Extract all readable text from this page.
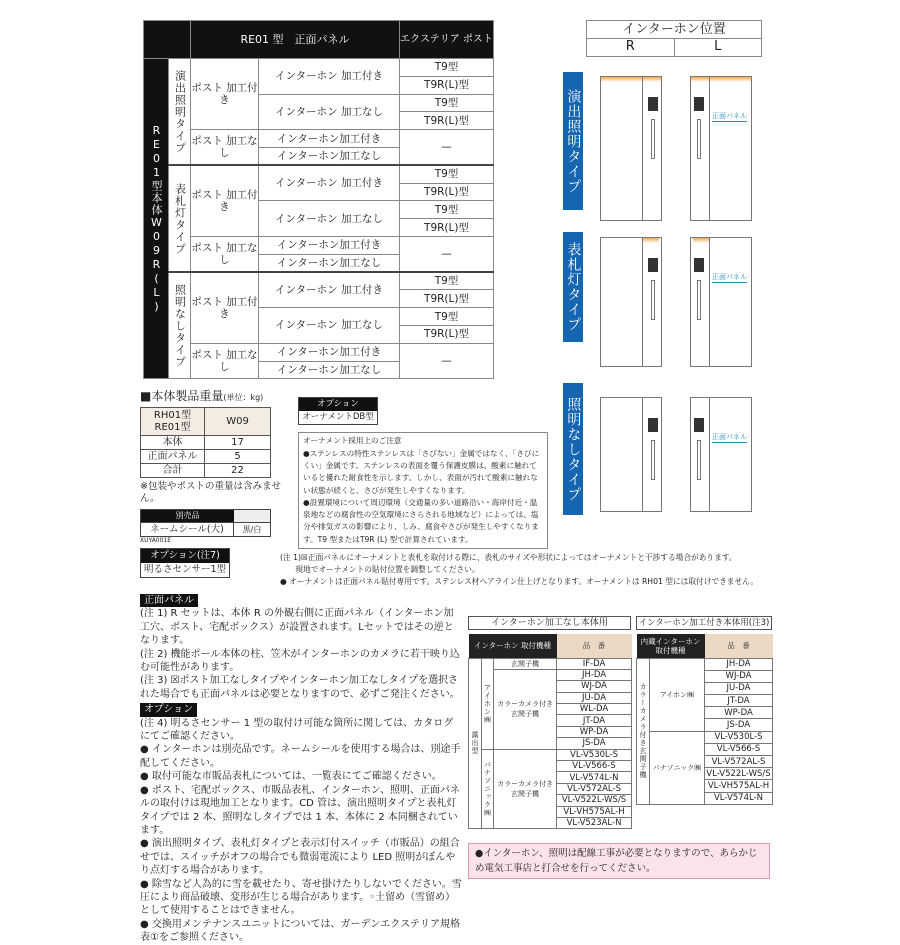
インターホン位置
R	L
演出照明タイプ	正面パネル
表札灯タイプ	正面パネル
照明なしタイプ	正面パネル
		RE01 型　正面パネル		エクステリア ポスト
RE01型本体W09R(L)	演出照明タイプ	ポスト 加工付き	インターホン 加工付き	T9型
				T9R(L)型
			インターホン 加工なし	T9型
				T9R(L)型
		ポスト 加工なし	インターホン加工付き	—
			インターホン加工なし	
	表札灯タイプ	ポスト 加工付き	インターホン 加工付き	T9型
				T9R(L)型
			インターホン 加工なし	T9型
				T9R(L)型
		ポスト 加工なし	インターホン加工付き	—
			インターホン加工なし	
	照明なしタイプ	ポスト 加工付き	インターホン 加工付き	T9型
				T9R(L)型
			インターホン 加工なし	T9型
				T9R(L)型
		ポスト 加工なし	インターホン加工付き	—
			インターホン加工なし	
■本体製品重量(単位：kg)
RH01型 RE01型	W09
本体	17
正面パネル	5
合計	22
※包装やポストの重量は含みません。
別売品
ネームシール(大)	黒/白
XUYA001E
オプション(注7)
明るさセンサー1型
オプション
オーナメントDB型
オーナメント採用上のご注意
●ステンレスの特性ステンレスは「さびない」金属ではなく、「さびにくい」金属です。ステンレスの表面を覆う保護皮膜は、酸素に触れていると優れた耐食性を示します。しかし、表面が汚れて酸素に触れない状態が続くと、さびが発生しやすくなります。
●設置環境について周辺環境（交通量の多い道路沿い・海岸付近・温泉地などの腐食性の空気環境にさらされる地域など）によっては、塩分や排気ガスの影響により、しみ、腐食やさびが発生しやすくなります。T9 型またはT9R (L) 型で計算されています。
(注 1)☒正面パネルにオーナメントと表札を取付ける際に、表札のサイズや形状によってはオーナメントと干渉する場合があります。
　　現地でオーナメントの貼付位置を調整してください。
● オーナメントは正面パネル貼付専用です。ステンレス材ヘアライン仕上げとなります。オーナメントは RH01 型には取付けできません。
正面パネル
(注 1) R セットは、本体 R の外観右側に正面パネル（インターホン加工穴、ポスト、宅配ボックス）が設置されます。Lセットではその逆となります。
(注 2) 機能ポール本体の柱、笠木がインターホンのカメラに若干映り込む可能性があります。
(注 3) ☒ポスト加工なしタイプやインターホン加工なしタイプを選択された場合でも正面パネルは必要となりますので、必ずご発注ください。
オプション
(注 4) 明るさセンサー 1 型の取付け可能な箇所に関しては、カタログにてご確認ください。
● インターホンは別売品です。ネームシールを使用する場合は、別途手配してください。
● 取付可能な市販品表札については、一覧表にてご確認ください。
● ポスト、宅配ボックス、市販品表札、インターホン、照明、正面パネルの取付けは現地加工となります。CD 管は、演出照明タイプと表札灯タイプでは 2 本、照明なしタイプでは 1 本、本体に 2 本同梱されています。
● 演出照明タイプ、表札灯タイプと表示灯付スイッチ（市販品）の組合せでは、スイッチがオフの場合でも微弱電流により LED 照明がぼんやり点灯する場合があります。
● 除雪など人為的に雪を載せたり、寄せ掛けたりしないでください。雪圧により商品破壊、変形が生じる場合があります。◦土留め（雪留め）として使用することはできません。
● 交換用メンテナンスユニットについては、ガーデンエクステリア規格表①をご参照ください。
インターホン加工なし本体用
インターホン 取付機種			品　番
露出型	アイホン㈱	玄関子機	IF-DA
		カラーカメラ付き 玄関子機	JH-DA
			WJ-DA
			JU-DA
			WL-DA
			JT-DA
			WP-DA
			JS-DA
	パナソニック㈱	カラーカメラ付き 玄関子機	VL-V530L-S
			VL-V566-S
			VL-V574L-N
			VL-V572AL-S
			VL-V522L-WS/S
			VL-VH575AL-H
			VL-V523AL-N
インターホン加工付き本体用(注3)
内蔵インターホン 取付機種		品　番
カラーカメラ付き玄関子機	アイホン㈱	JH-DA
		WJ-DA
		JU-DA
		JT-DA
		WP-DA
		JS-DA
	パナソニック㈱	VL-V530L-S
		VL-V566-S
		VL-V572AL-S
		VL-V522L-WS/S
		VL-VH575AL-H
		VL-V574L-N
●インターホン、照明は配線工事が必要となりますので、あらかじめ電気工事店と打合せを行ってください。
